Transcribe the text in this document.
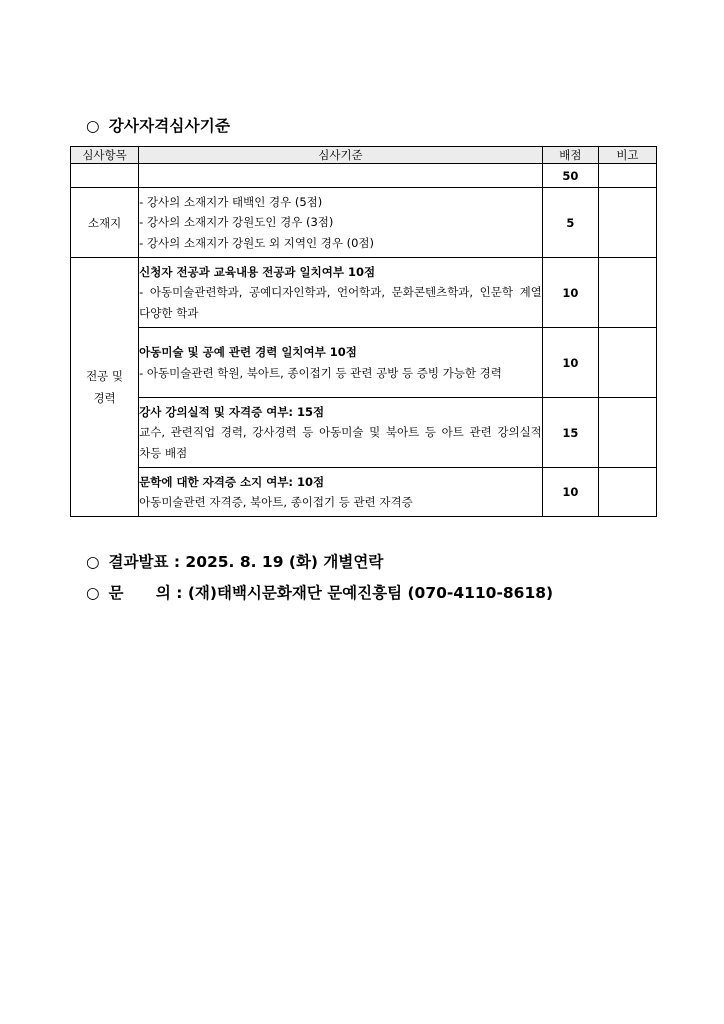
○ 강사자격심사기준
심사항목	심사기준	배점	비고
		50	
소재지	- 강사의 소재지가 태백인 경우 (5점)
- 강사의 소재지가 강원도인 경우 (3점)
- 강사의 소재지가 강원도 외 지역인 경우 (0점)	5	

전공 및
경력	신청자 전공과 교육내용 전공과 일치여부 10점
- 아동미술관련학과, 공예디자인학과, 언어학과, 문화콘텐츠학과, 인문학 계열 다양한 학과	10	

	아동미술 및 공예 관련 경력 일치여부 10점
- 아동미술관련 학원, 북아트, 종이접기 등 관련 공방 등 증빙 가능한 경력	10	

	강사 강의실적 및 자격증 여부: 15점
교수, 관련직업 경력, 강사경력 등 아동미술 및 북아트 등 아트 관련 강의실적 차등 배점	15	

	문학에 대한 자격증 소지 여부: 10점
아동미술관련 자격증, 북아트, 종이접기 등 관련 자격증	10	
○ 결과발표 : 2025. 8. 19 (화) 개별연락
○ 문      의 : (재)태백시문화재단 문예진흥팀 (070-4110-8618)
